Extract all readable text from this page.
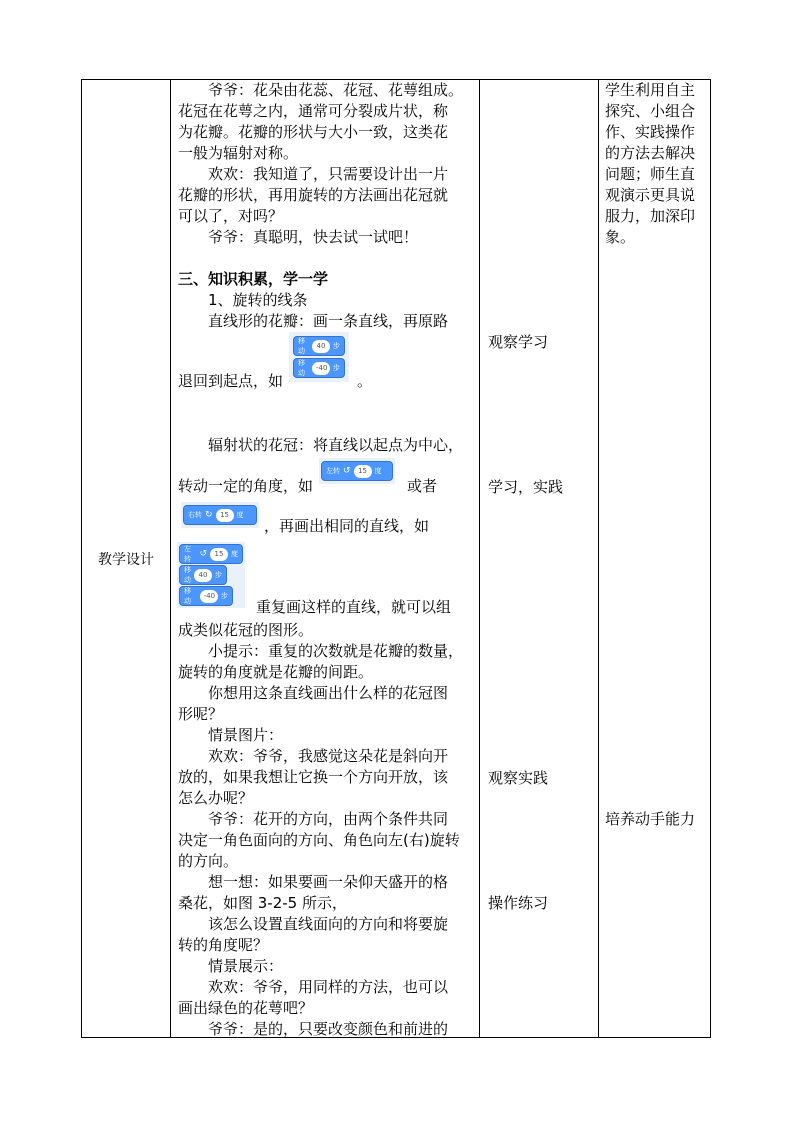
教学设计	
爷爷：花朵由花蕊、花冠、花萼组成。
花冠在花萼之内，通常可分裂成片状，称
为花瓣。花瓣的形状与大小一致，这类花
一般为辐射对称。
欢欢：我知道了，只需要设计出一片
花瓣的形状，再用旋转的方法画出花冠就
可以了，对吗？
爷爷：真聪明，快去试一试吧！
三、知识积累，学一学
1、旋转的线条
直线形的花瓣：画一条直线，再原路
移动
40	步
移动
-40 步
退回到起点，如	。
辐射状的花冠：将直线以起点为中心，
左转 ↺	15	度
转动一定的角度，如	或者
右转 ↻	15	度
，再画出相同的直线，如
左转 ↺	15	度
移动
40	步
移动
-40 步
重复画这样的直线，就可以组
成类似花冠的图形。
小提示：重复的次数就是花瓣的数量，
旋转的角度就是花瓣的间距。
你想用这条直线画出什么样的花冠图
形呢？
情景图片：
欢欢：爷爷，我感觉这朵花是斜向开
放的，如果我想让它换一个方向开放，该
怎么办呢？
爷爷：花开的方向，由两个条件共同
决定一角色面向的方向、角色向左(右)旋转
的方向。
想一想：如果要画一朵仰天盛开的格
桑花，如图 3-2-5 所示，
该怎么设置直线面向的方向和将要旋
转的角度呢？
情景展示：
欢欢：爷爷，用同样的方法，也可以
画出绿色的花萼吧？
爷爷：是的，只要改变颜色和前进的

观察学习
学习，实践
观察实践
操作练习

学生利用自主
探究、小组合
作、实践操作
的方法去解决
问题；师生直
观演示更具说
服力，加深印
象。
培养动手能力
